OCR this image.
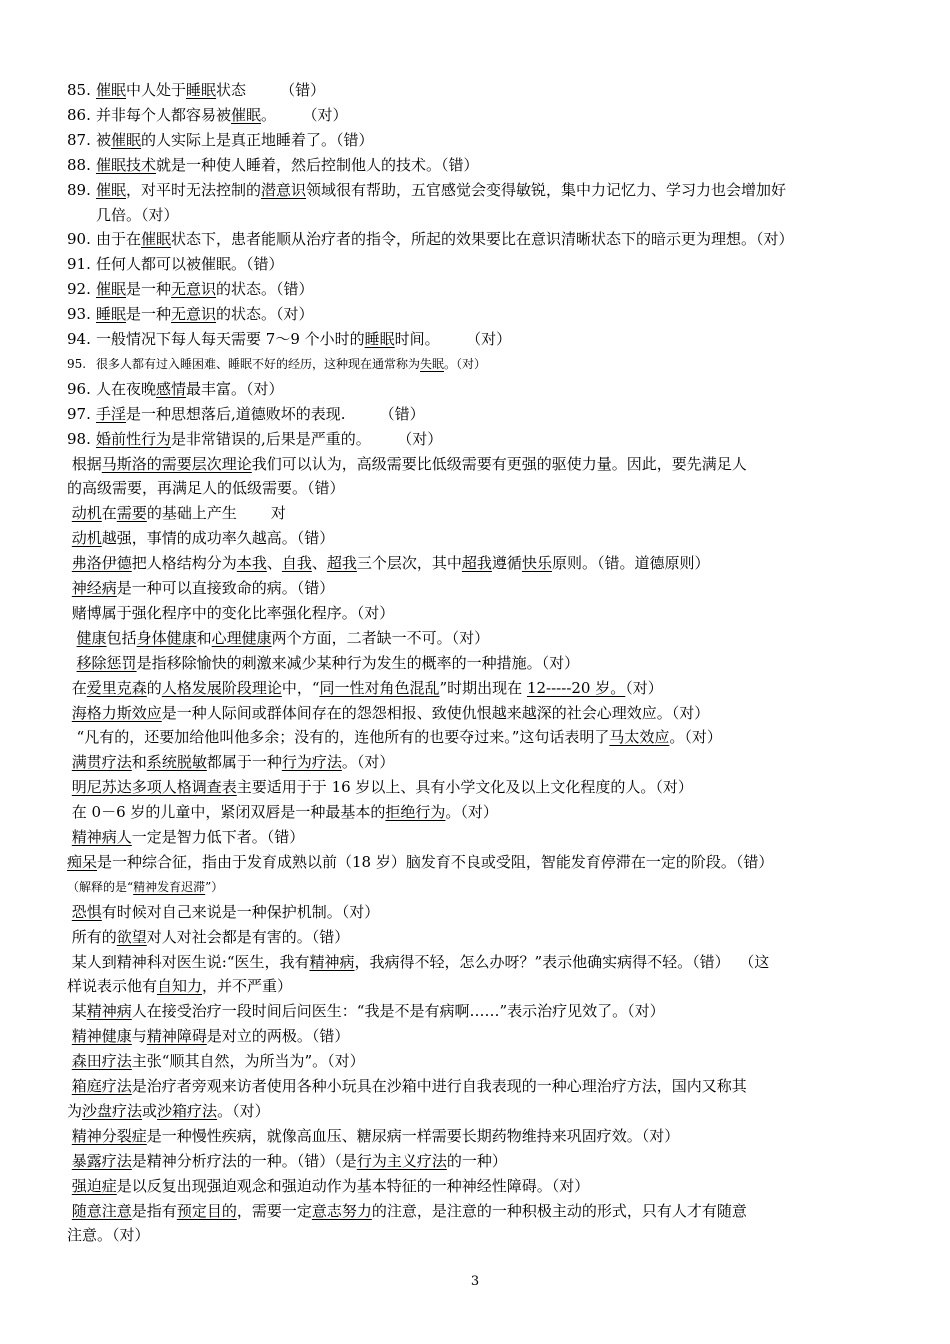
3
85. 催眠中人处于睡眠状态 （错）
86. 并非每个人都容易被催眠。 （对）
87. 被催眠的人实际上是真正地睡着了。（错）
88. 催眠技术就是一种使人睡着，然后控制他人的技术。（错）
89. 催眠，对平时无法控制的潜意识领域很有帮助，五官感觉会变得敏锐，集中力记忆力、学习力也会增加好
几倍。（对）
90. 由于在催眠状态下，患者能顺从治疗者的指令，所起的效果要比在意识清晰状态下的暗示更为理想。（对）
91. 任何人都可以被催眠。（错）
92. 催眠是一种无意识的状态。（错）
93. 睡眠是一种无意识的状态。（对）
94. 一般情况下每人每天需要 7～9 个小时的睡眠时间。 （对）
95. 很多人都有过入睡困难、睡眠不好的经历，这种现在通常称为失眠。（对）
96. 人在夜晚感情最丰富。（对）
97. 手淫是一种思想落后,道德败坏的表现. （错）
98. 婚前性行为是非常错误的,后果是严重的。 （对）
根据马斯洛的需要层次理论我们可以认为，高级需要比低级需要有更强的驱使力量。因此，要先满足人
的高级需要，再满足人的低级需要。（错）
动机在需要的基础上产生 对
动机越强，事情的成功率久越高。（错）
弗洛伊德把人格结构分为本我、自我、超我三个层次，其中超我遵循快乐原则。（错。道德原则）
神经病是一种可以直接致命的病。（错）
赌博属于强化程序中的变化比率强化程序。（对）
健康包括身体健康和心理健康两个方面，二者缺一不可。（对）
移除惩罚是指移除愉快的刺激来减少某种行为发生的概率的一种措施。（对）
在爱里克森的人格发展阶段理论中，“同一性对角色混乱”时期出现在 12-----20 岁。（对）
海格力斯效应是一种人际间或群体间存在的怨怨相报、致使仇恨越来越深的社会心理效应。（对）
“凡有的，还要加给他叫他多余；没有的，连他所有的也要夺过来。”这句话表明了马太效应。（对）
满贯疗法和系统脱敏都属于一种行为疗法。（对）
明尼苏达多项人格调查表主要适用于于 16 岁以上、具有小学文化及以上文化程度的人。（对）
在 0－6 岁的儿童中，紧闭双唇是一种最基本的拒绝行为。（对）
精神病人一定是智力低下者。（错）
痴呆是一种综合征，指由于发育成熟以前（18 岁）脑发育不良或受阻，智能发育停滞在一定的阶段。（错）
（解释的是“精神发育迟滞”）
恐惧有时候对自己来说是一种保护机制。（对）
所有的欲望对人对社会都是有害的。（错）
某人到精神科对医生说:“医生，我有精神病，我病得不轻，怎么办呀？”表示他确实病得不轻。（错）  （这
样说表示他有自知力，并不严重）
某精神病人在接受治疗一段时间后问医生：“我是不是有病啊……”表示治疗见效了。（对）
精神健康与精神障碍是对立的两极。（错）
森田疗法主张“顺其自然，为所当为”。（对）
箱庭疗法是治疗者旁观来访者使用各种小玩具在沙箱中进行自我表现的一种心理治疗方法，国内又称其
为沙盘疗法或沙箱疗法。（对）
精神分裂症是一种慢性疾病，就像高血压、糖尿病一样需要长期药物维持来巩固疗效。（对）
暴露疗法是精神分析疗法的一种。（错）（是行为主义疗法的一种）
强迫症是以反复出现强迫观念和强迫动作为基本特征的一种神经性障碍。（对）
随意注意是指有预定目的，需要一定意志努力的注意，是注意的一种积极主动的形式，只有人才有随意
注意。（对）
